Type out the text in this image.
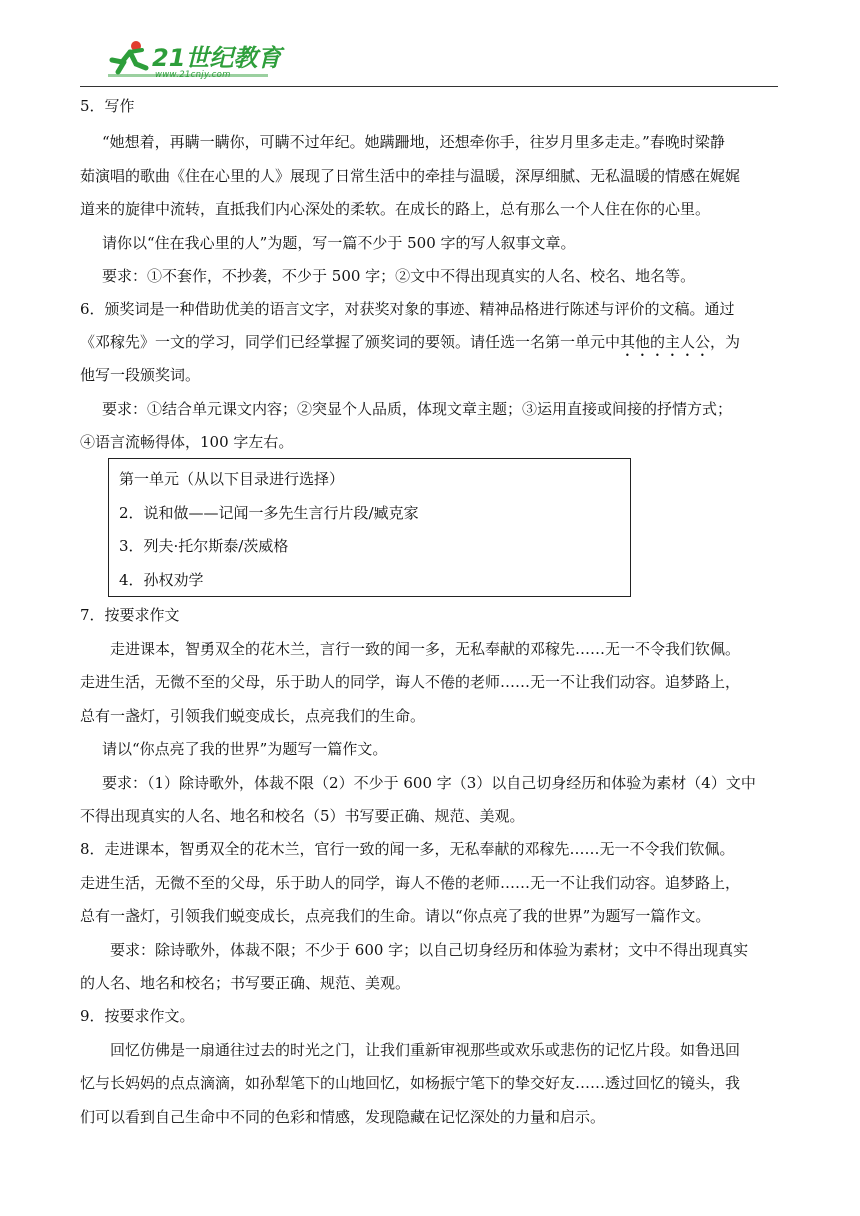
21世纪教育
www.21cnjy.com
5．写作
“她想着，再瞒一瞒你，可瞒不过年纪。她蹒跚地，还想牵你手，往岁月里多走走。”春晚时梁静
茹演唱的歌曲《住在心里的人》展现了日常生活中的牵挂与温暖，深厚细腻、无私温暖的情感在娓娓
道来的旋律中流转，直抵我们内心深处的柔软。在成长的路上，总有那么一个人住在你的心里。
请你以“住在我心里的人”为题，写一篇不少于 500 字的写人叙事文章。
要求：①不套作，不抄袭，不少于 500 字；②文中不得出现真实的人名、校名、地名等。
6．颁奖词是一种借助优美的语言文字，对获奖对象的事迹、精神品格进行陈述与评价的文稿。通过
《邓稼先》一文的学习，同学们已经掌握了颁奖词的要领。请任选一名第一单元中其他的主人公，为
他写一段颁奖词。
要求：①结合单元课文内容；②突显个人品质，体现文章主题；③运用直接或间接的抒情方式；
④语言流畅得体，100 字左右。
第一单元（从以下目录进行选择）
2．说和做——记闻一多先生言行片段/臧克家
3．列夫·托尔斯泰/茨威格
4．孙权劝学
7．按要求作文
走进课本，智勇双全的花木兰，言行一致的闻一多，无私奉献的邓稼先……无一不令我们钦佩。
走进生活，无微不至的父母，乐于助人的同学，诲人不倦的老师……无一不让我们动容。追梦路上，
总有一盏灯，引领我们蜕变成长，点亮我们的生命。
请以“你点亮了我的世界”为题写一篇作文。
要求：（1）除诗歌外，体裁不限（2）不少于 600 字（3）以自己切身经历和体验为素材（4）文中
不得出现真实的人名、地名和校名（5）书写要正确、规范、美观。
8．走进课本，智勇双全的花木兰，官行一致的闻一多，无私奉献的邓稼先……无一不令我们钦佩。
走进生活，无微不至的父母，乐于助人的同学，诲人不倦的老师……无一不让我们动容。追梦路上，
总有一盏灯，引领我们蜕变成长，点亮我们的生命。请以“你点亮了我的世界”为题写一篇作文。
要求：除诗歌外，体裁不限；不少于 600 字；以自己切身经历和体验为素材；文中不得出现真实
的人名、地名和校名；书写要正确、规范、美观。
9．按要求作文。
回忆仿佛是一扇通往过去的时光之门，让我们重新审视那些或欢乐或悲伤的记忆片段。如鲁迅回
忆与长妈妈的点点滴滴，如孙犁笔下的山地回忆，如杨振宁笔下的挚交好友……透过回忆的镜头，我
们可以看到自己生命中不同的色彩和情感，发现隐藏在记忆深处的力量和启示。
